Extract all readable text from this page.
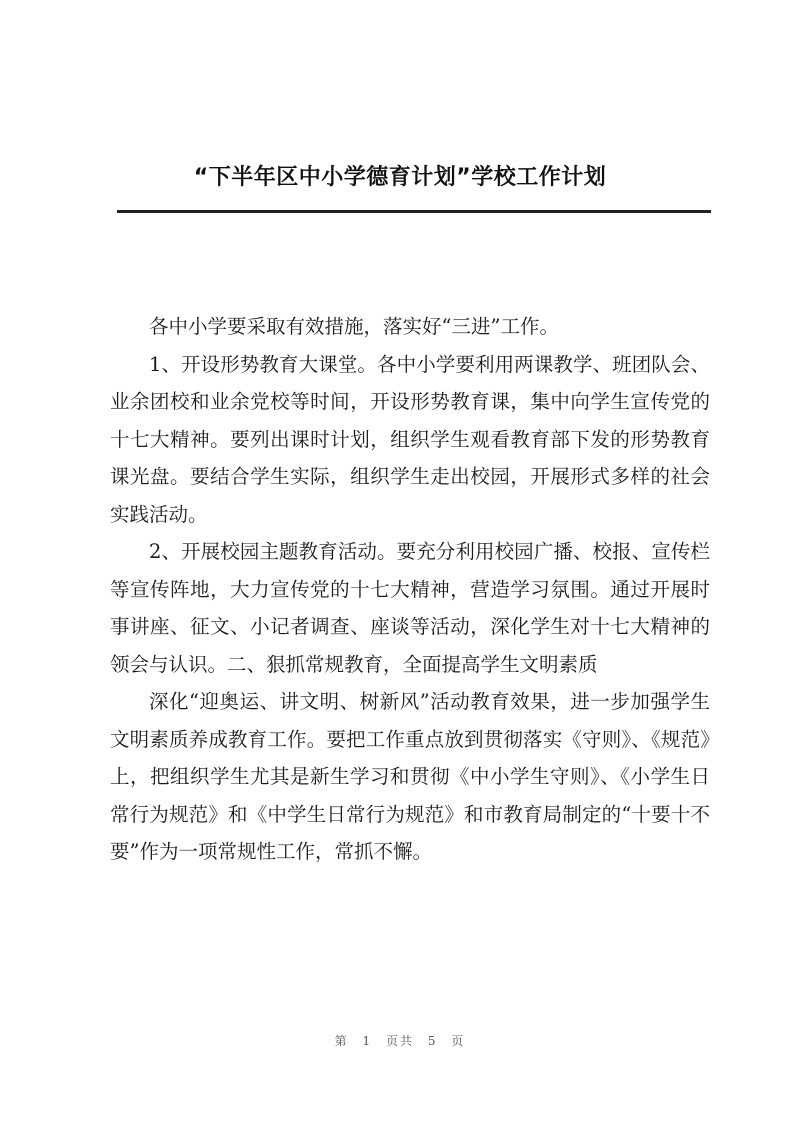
“下半年区中小学德育计划”学校工作计划

各中小学要采取有效措施，落实好“三进”工作。

1、开设形势教育大课堂。各中小学要利用两课教学、班团队会、业余团校和业余党校等时间，开设形势教育课，集中向学生宣传党的十七大精神。要列出课时计划，组织学生观看教育部下发的形势教育课光盘。要结合学生实际，组织学生走出校园，开展形式多样的社会实践活动。

2、开展校园主题教育活动。要充分利用校园广播、校报、宣传栏等宣传阵地，大力宣传党的十七大精神，营造学习氛围。通过开展时事讲座、征文、小记者调查、座谈等活动，深化学生对十七大精神的领会与认识。二、狠抓常规教育，全面提高学生文明素质

深化“迎奥运、讲文明、树新风”活动教育效果，进一步加强学生文明素质养成教育工作。要把工作重点放到贯彻落实《守则》、《规范》上，把组织学生尤其是新生学习和贯彻《中小学生守则》、《小学生日常行为规范》和《中学生日常行为规范》和市教育局制定的“十要十不要”作为一项常规性工作，常抓不懈。

第 1 页共 5 页
